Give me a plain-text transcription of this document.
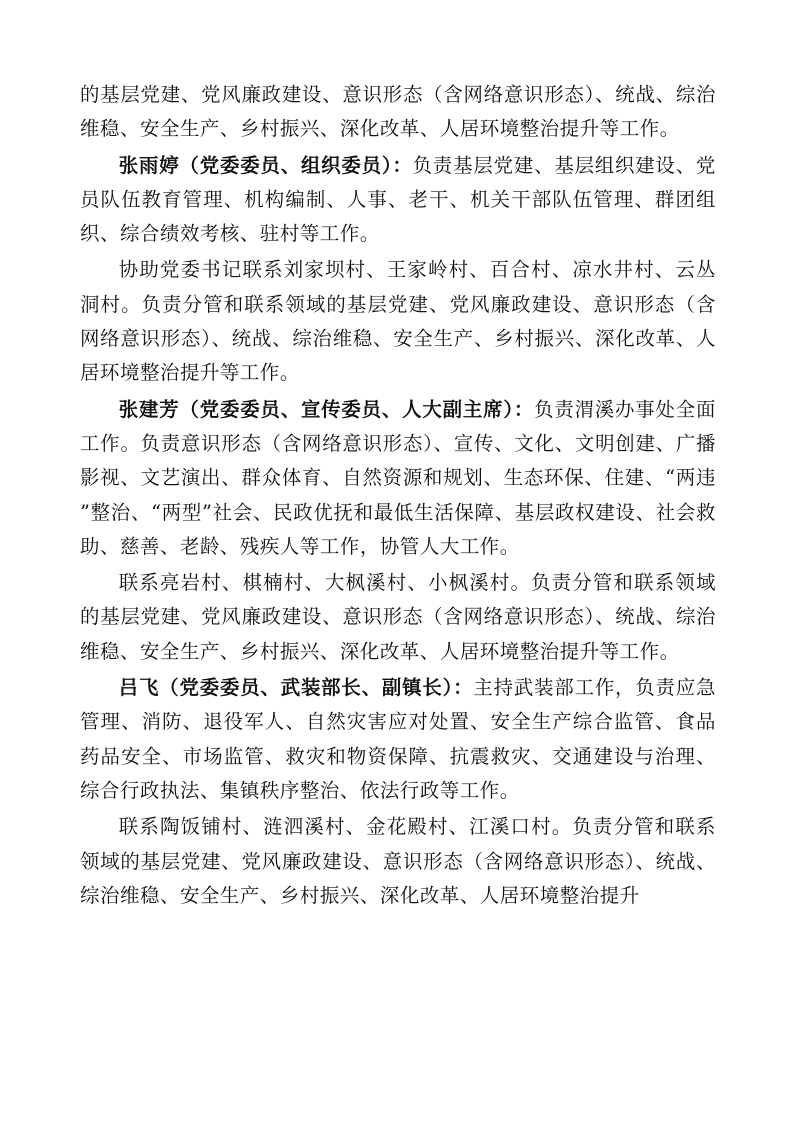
的基层党建、党风廉政建设、意识形态（含网络意识形态）、统战、综治维稳、安全生产、乡村振兴、深化改革、人居环境整治提升等工作。

张雨婷（党委委员、组织委员）：负责基层党建、基层组织建设、党员队伍教育管理、机构编制、人事、老干、机关干部队伍管理、群团组织、综合绩效考核、驻村等工作。

协助党委书记联系刘家坝村、王家岭村、百合村、凉水井村、云丛洞村。负责分管和联系领域的基层党建、党风廉政建设、意识形态（含网络意识形态）、统战、综治维稳、安全生产、乡村振兴、深化改革、人居环境整治提升等工作。

张建芳（党委委员、宣传委员、人大副主席）：负责渭溪办事处全面工作。负责意识形态（含网络意识形态）、宣传、文化、文明创建、广播影视、文艺演出、群众体育、自然资源和规划、生态环保、住建、“两违”整治、“两型”社会、民政优抚和最低生活保障、基层政权建设、社会救助、慈善、老龄、残疾人等工作，协管人大工作。

联系亮岩村、棋楠村、大枫溪村、小枫溪村。负责分管和联系领域的基层党建、党风廉政建设、意识形态（含网络意识形态）、统战、综治维稳、安全生产、乡村振兴、深化改革、人居环境整治提升等工作。

吕飞（党委委员、武装部长、副镇长）：主持武装部工作，负责应急管理、消防、退役军人、自然灾害应对处置、安全生产综合监管、食品药品安全、市场监管、救灾和物资保障、抗震救灾、交通建设与治理、综合行政执法、集镇秩序整治、依法行政等工作。

联系陶饭铺村、涟泗溪村、金花殿村、江溪口村。负责分管和联系领域的基层党建、党风廉政建设、意识形态（含网络意识形态）、统战、综治维稳、安全生产、乡村振兴、深化改革、人居环境整治提升
